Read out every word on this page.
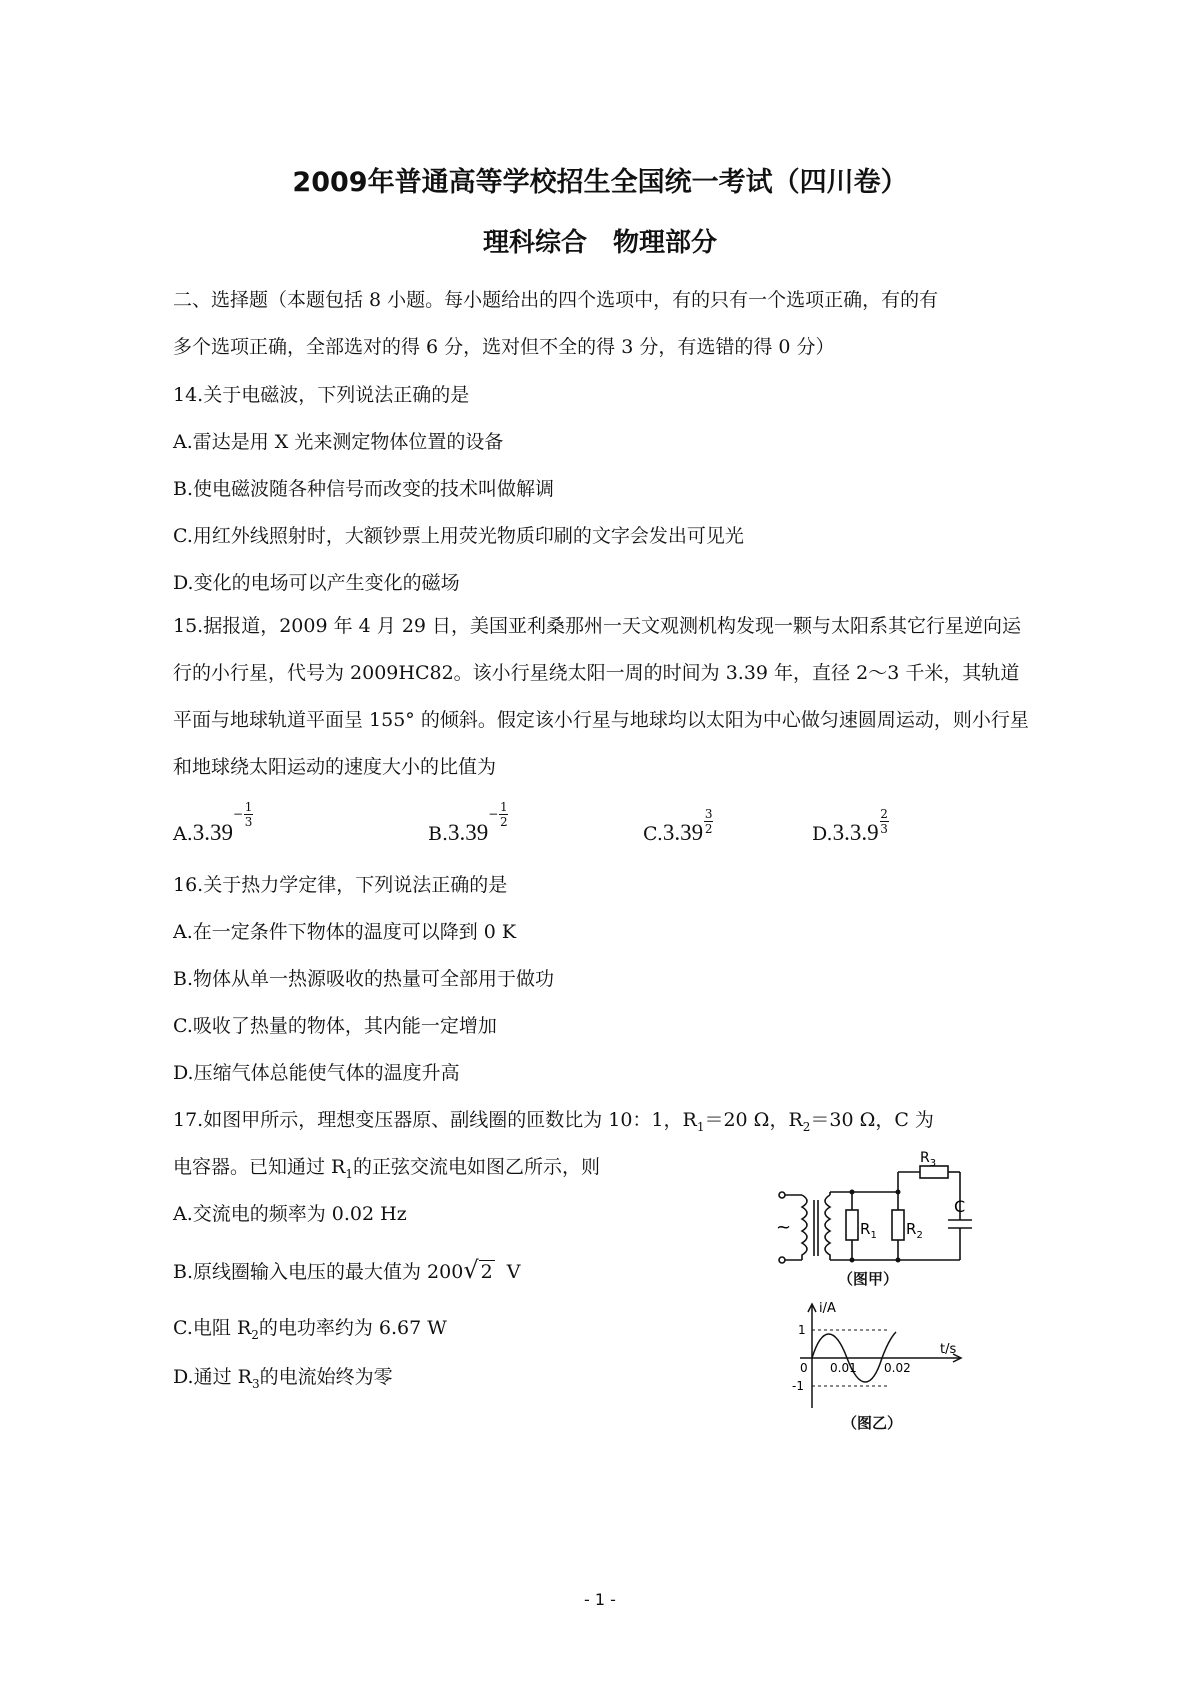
2009年普通高等学校招生全国统一考试（四川卷）
理科综合　物理部分
二、选择题（本题包括 8 小题。每小题给出的四个选项中，有的只有一个选项正确，有的有
多个选项正确，全部选对的得 6 分，选对但不全的得 3 分，有选错的得 0 分）
14.关于电磁波，下列说法正确的是
A.雷达是用 X 光来测定物体位置的设备
B.使电磁波随各种信号而改变的技术叫做解调
C.用红外线照射时，大额钞票上用荧光物质印刷的文字会发出可见光
D.变化的电场可以产生变化的磁场
15.据报道，2009 年 4 月 29 日，美国亚利桑那州一天文观测机构发现一颗与太阳系其它行星逆向运行的小行星，代号为 2009HC82。该小行星绕太阳一周的时间为 3.39 年，直径 2～3 千米，其轨道平面与地球轨道平面呈 155° 的倾斜。假定该小行星与地球均以太阳为中心做匀速圆周运动，则小行星和地球绕太阳运动的速度大小的比值为
A.3.39
− $\frac{1}{3}$
B.3.39
− $\frac{1}{2}$
$C.3.39 \frac{3}{2}$	$D.3.3.9 \frac{2}{3}$
16.关于热力学定律，下列说法正确的是
A.在一定条件下物体的温度可以降到 0 K
B.物体从单一热源吸收的热量可全部用于做功
C.吸收了热量的物体，其内能一定增加
D.压缩气体总能使气体的温度升高
17.如图甲所示，理想变压器原、副线圈的匝数比为 10：1，$R_1=20$ Ω，$R_2=30$ Ω，C 为
电容器。已知通过 $R_1$的正弦交流电如图乙所示，则
A.交流电的频率为 0.02 Hz
B.原线圈输入电压的最大值为 200√ 2 V
C.电阻 $R_2$的电功率约为 6.67 W
D.通过 $R_3$的电流始终为零
~	$R_1$ $R_2$
$R_3$
C
（图甲）
i/A
t/s
1
-1
0 0.01 0.02
（图乙）
- 1 -
